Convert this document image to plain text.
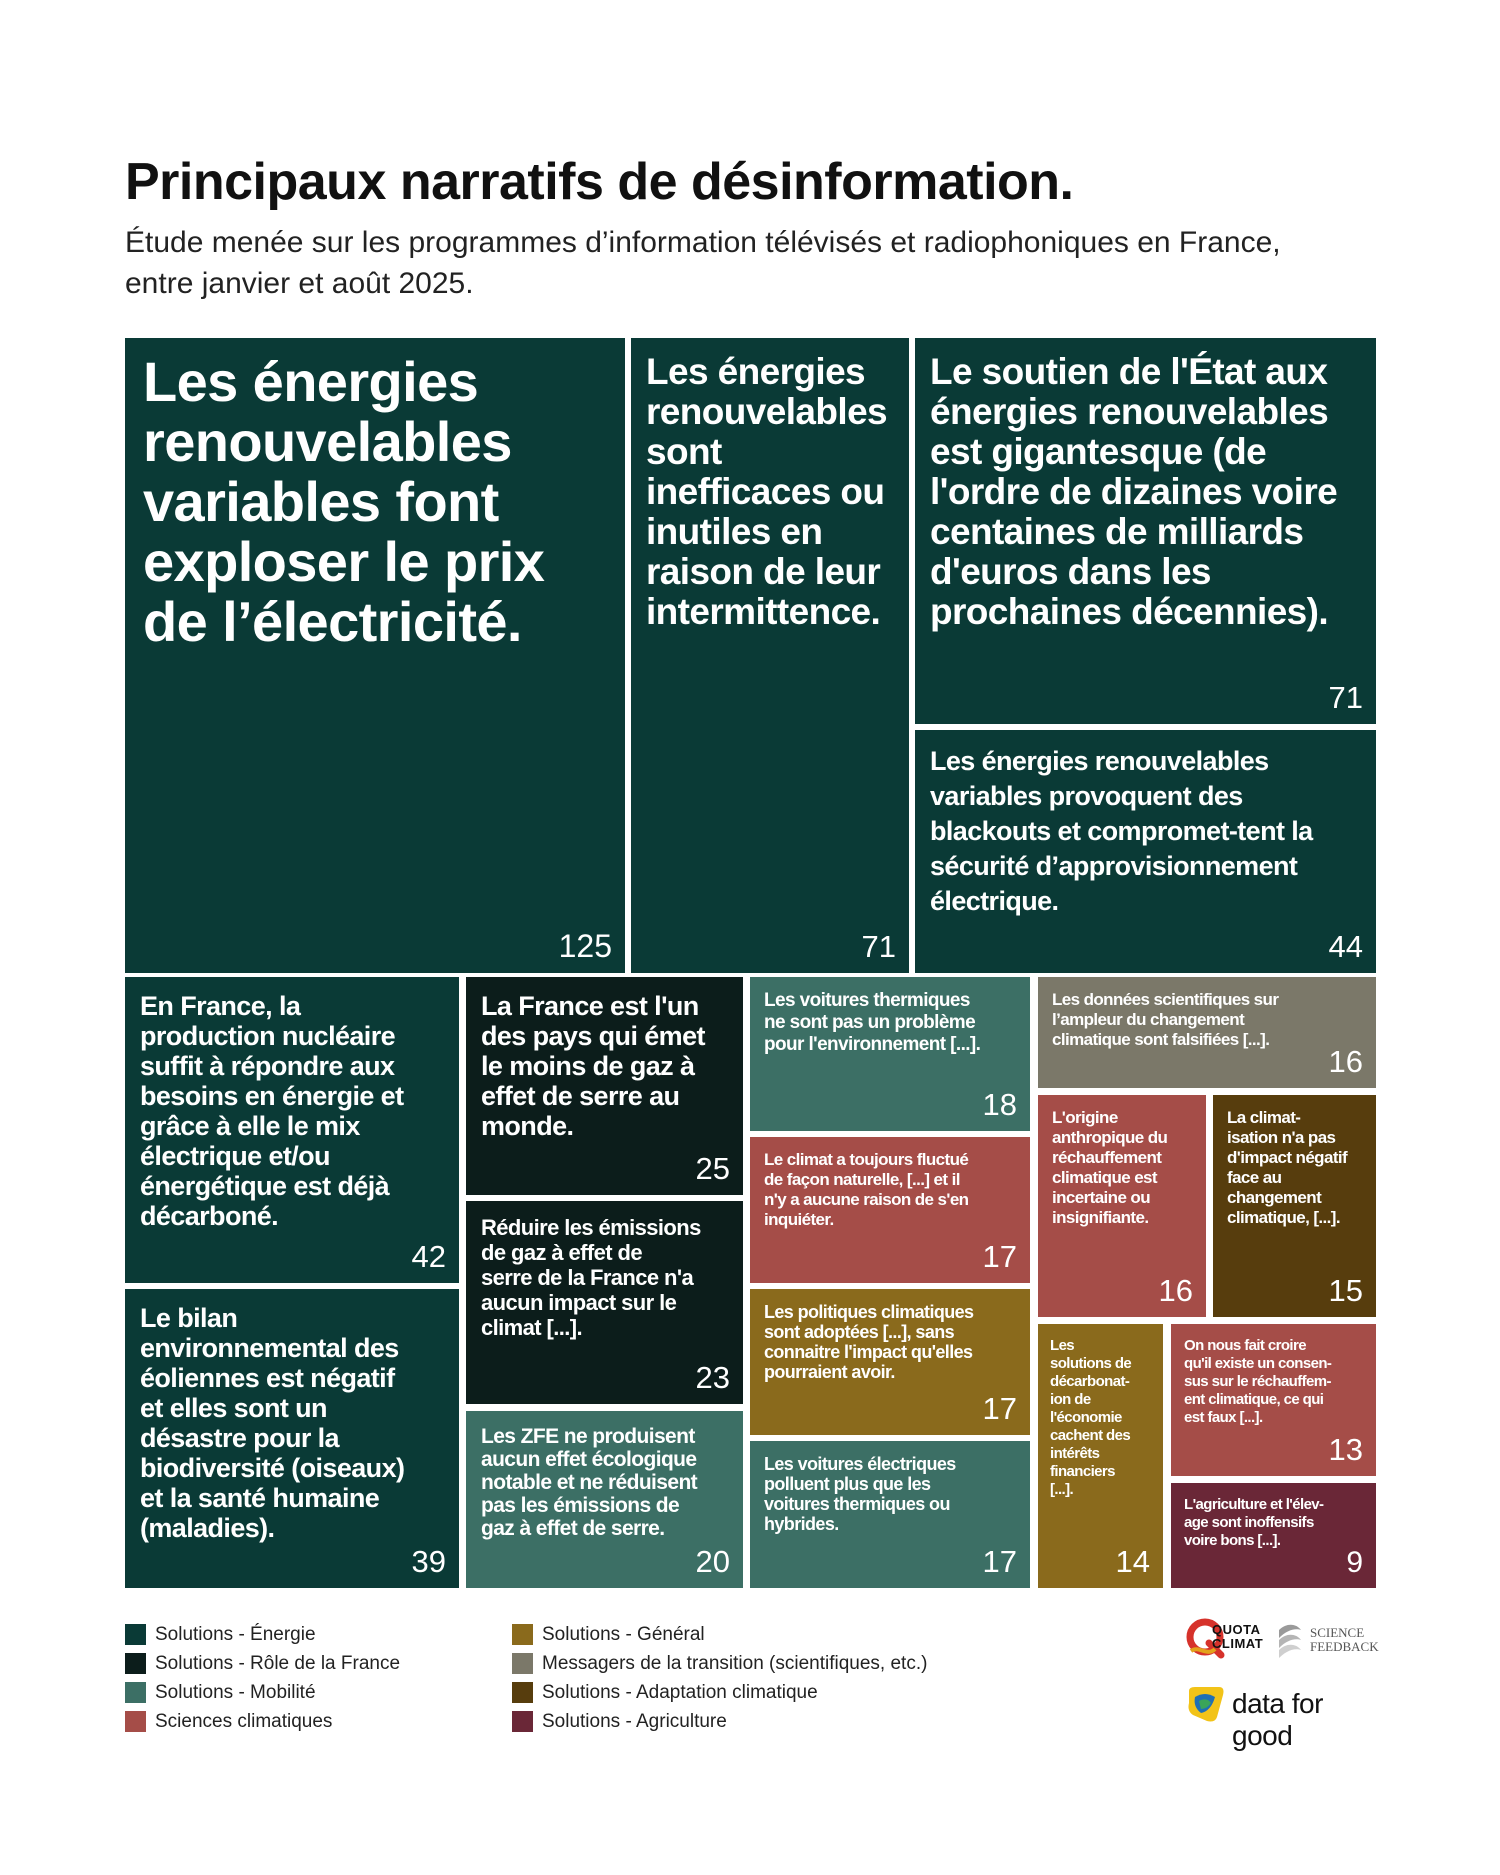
Principaux narratifs de désinformation.

Étude menée sur les programmes d’information télévisés et radiophoniques en France, entre janvier et août 2025.

Les énergies
renouvelables
variables font
exploser le prix
de l’électricité.
125
Les énergies
renouvelables
sont
inefficaces ou
inutiles en
raison de leur
intermittence.
71
Le soutien de l'État aux
énergies renouvelables
est gigantesque (de
l'ordre de dizaines voire
centaines de milliards
d'euros dans les
prochaines décennies).
71
Les énergies renouvelables
variables provoquent des
blackouts et compromet-tent la
sécurité d’approvisionnement
électrique.
44
En France, la
production nucléaire
suffit à répondre aux
besoins en énergie et
grâce à elle le mix
électrique et/ou
énergétique est déjà
décarboné.
42
Le bilan
environnemental des
éoliennes est négatif
et elles sont un
désastre pour la
biodiversité (oiseaux)
et la santé humaine
(maladies).
39
La France est l'un
des pays qui émet
le moins de gaz à
effet de serre au
monde.
25
Réduire les émissions
de gaz à effet de
serre de la France n'a
aucun impact sur le
climat [...].
23
Les ZFE ne produisent
aucun effet écologique
notable et ne réduisent
pas les émissions de
gaz à effet de serre.
20
Les voitures thermiques
ne sont pas un problème
pour l'environnement [...].
18
Le climat a toujours fluctué
de façon naturelle, [...] et il
n'y a aucune raison de s'en
inquiéter.
17
Les politiques climatiques
sont adoptées [...], sans
connaitre l'impact qu'elles
pourraient avoir.
17
Les voitures électriques
polluent plus que les
voitures thermiques ou
hybrides.
17
Les données scientifiques sur
l’ampleur du changement
climatique sont falsifiées [...].
16
L'origine
anthropique du
réchauffement
climatique est
incertaine ou
insignifiante.
16
La climat-
isation n'a pas
d'impact négatif
face au
changement
climatique, [...].
15
Les
solutions de
décarbonat-
ion de
l'économie
cachent des
intérêts
financiers
[...].
14
On nous fait croire
qu'il existe un consen-
sus sur le réchauffem-
ent climatique, ce qui
est faux [...].
13
L'agriculture et l'élev-
age sont inoffensifs
voire bons [...].
9
Solutions - Énergie
Solutions - Rôle de la France
Solutions - Mobilité
Sciences climatiques
Solutions - Général
Messagers de la transition (scientifiques, etc.)
Solutions - Adaptation climatique
Solutions - Agriculture
QUOTA
CLIMAT
SCIENCE
FEEDBACK
data for good
